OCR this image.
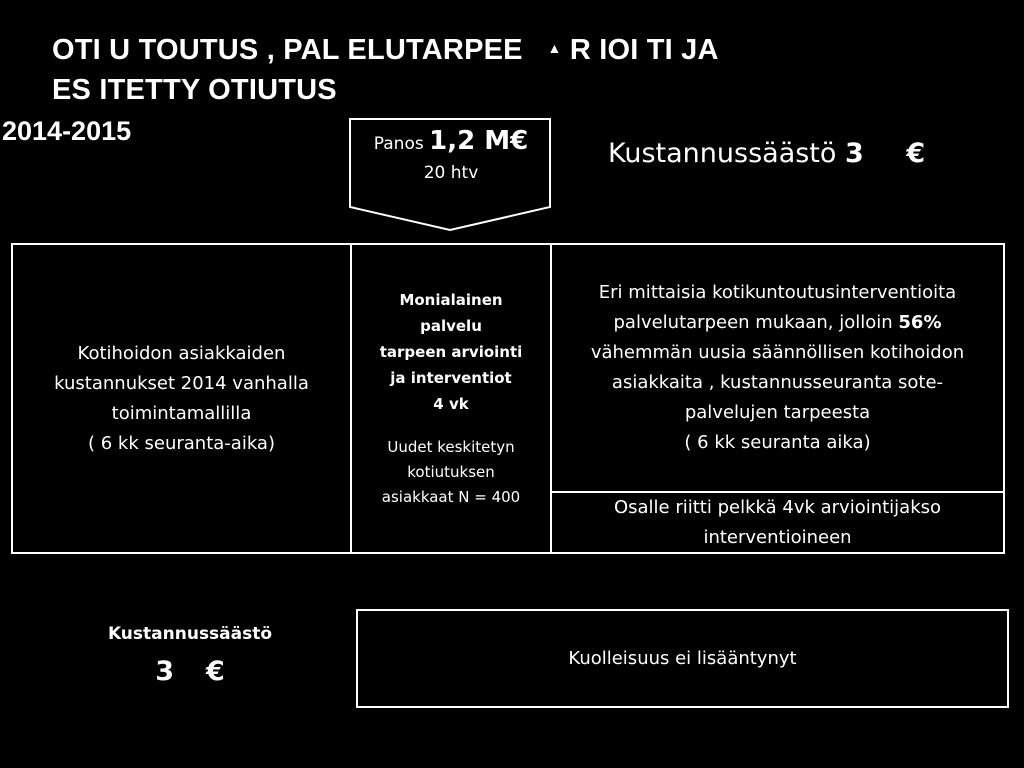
OTI U TOUTUS , PAL ELUTARPEE ▲ R IOI TI JA
ES ITETTY OTIUTUS
2014-2015	Panos 1,2 M€
20 htv
Kustannussäästö 3 €
Kotihoidon asiakkaiden
kustannukset 2014 vanhalla
toimintamallilla
( 6 kk seuranta-aika)
Monialainen
palvelu
tarpeen arviointi
ja interventiot
4 vk
Uudet keskitetyn
kotiutuksen
asiakkaat N = 400
Eri mittaisia kotikuntoutusinterventioita
palvelutarpeen mukaan, jolloin 56%
vähemmän uusia säännöllisen kotihoidon
asiakkaita , kustannusseuranta sote-
palvelujen tarpeesta
( 6 kk seuranta aika)
Osalle riitti pelkkä 4vk arviointijakso
interventioineen
Kustannussäästö
3 €	Kuolleisuus ei lisääntynyt
